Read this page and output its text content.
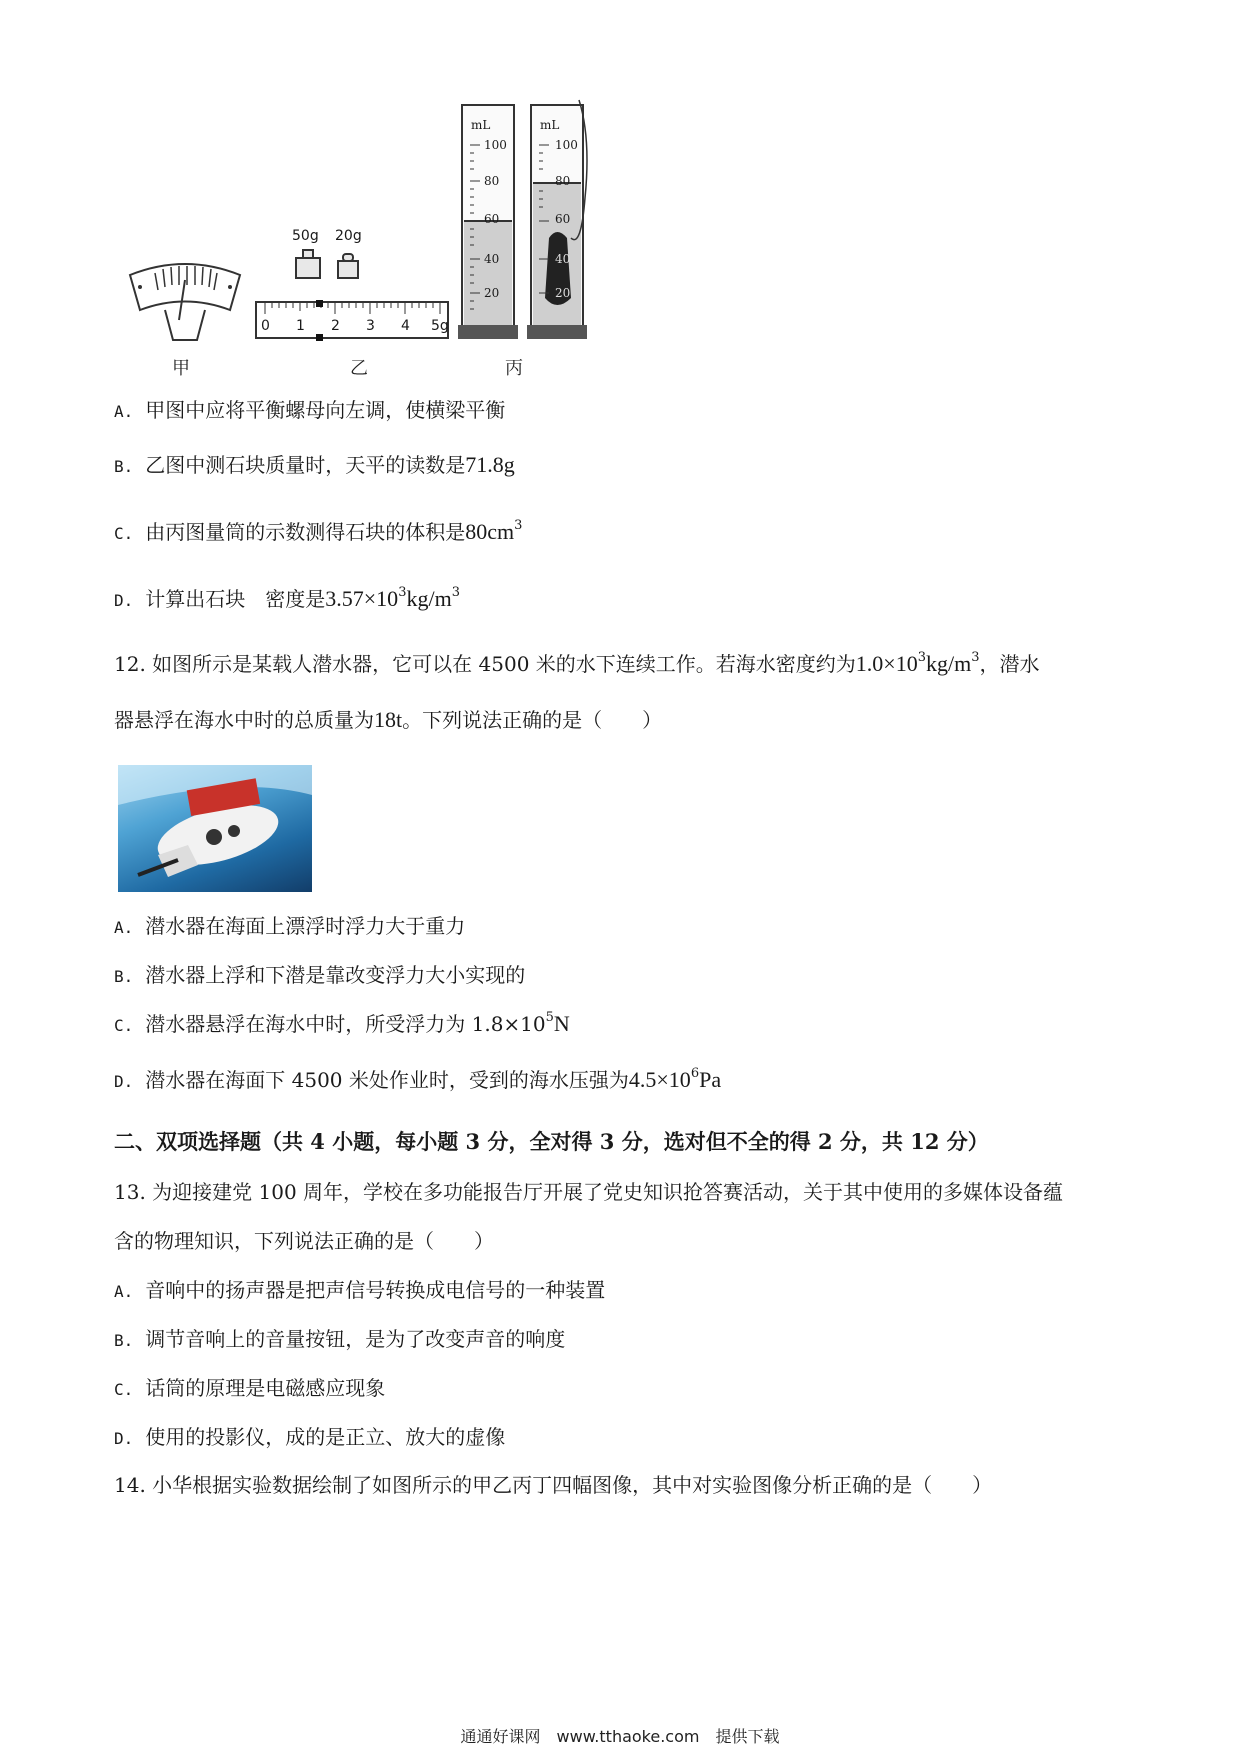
甲
50g 20g
0 1 2 3 4 5g
乙
mL
100
80
60
40
20
mL
100
80
60
40
20
丙
A. 甲图中应将平衡螺母向左调，使横梁平衡
B. 乙图中测石块质量时，天平的读数是71.8g
C. 由丙图量筒的示数测得石块的体积是$80cm^3$
D. 计算出石块　密度是$3.57\times 10^3kg/m^3$
12. 如图所示是某载人潜水器，它可以在 4500 米的水下连续工作。若海水密度约为$1.0\times 10^3kg/m^3$，潜水
器悬浮在海水中时的总质量为18t。下列说法正确的是（　　）
A. 潜水器在海面上漂浮时浮力大于重力
B. 潜水器上浮和下潜是靠改变浮力大小实现的
C. 潜水器悬浮在海水中时，所受浮力为 $1.8\times 10^5N$
D. 潜水器在海面下 4500 米处作业时，受到的海水压强为$4.5\times 10^6Pa$
二、双项选择题（共 4 小题，每小题 3 分，全对得 3 分，选对但不全的得 2 分，共 12 分）
13. 为迎接建党 100 周年，学校在多功能报告厅开展了党史知识抢答赛活动，关于其中使用的多媒体设备蕴
含的物理知识，下列说法正确的是（　　）
A. 音响中的扬声器是把声信号转换成电信号的一种装置
B. 调节音响上的音量按钮，是为了改变声音的响度
C. 话筒的原理是电磁感应现象
D. 使用的投影仪，成的是正立、放大的虚像
14. 小华根据实验数据绘制了如图所示的甲乙丙丁四幅图像，其中对实验图像分析正确的是（　　）
通通好课网　www.tthaoke.com　提供下载
